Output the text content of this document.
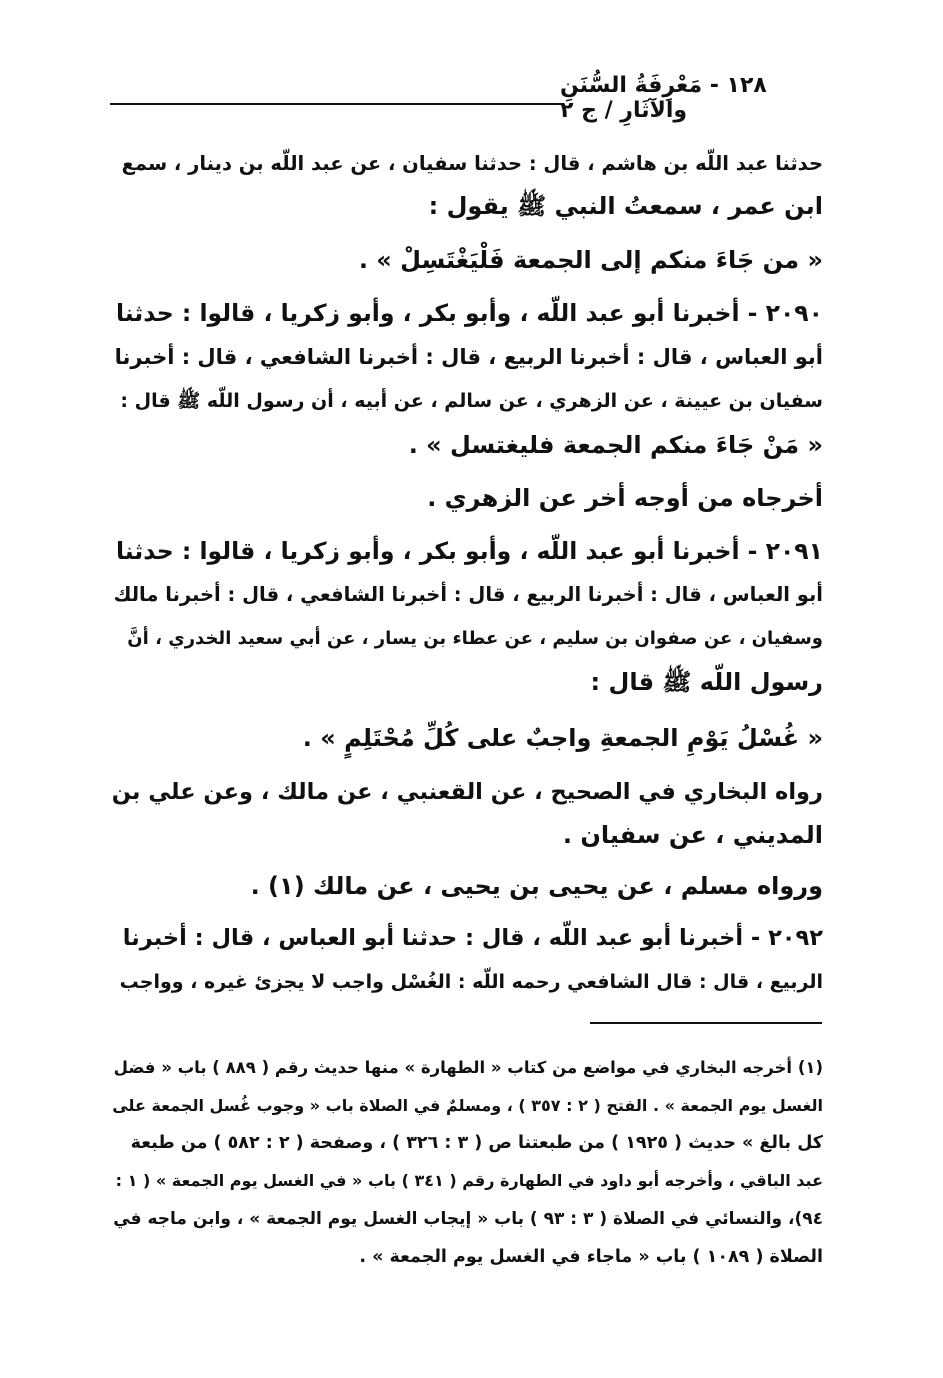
١٢٨ - مَعْرِفَةُ السُّنَنِ والآثَارِ / ج ٢
حدثنا عبد اللّه بن هاشم ، قال : حدثنا سفيان ، عن عبد اللّه بن دينار ، سمع
ابن عمر ، سمعتُ النبي ﷺ يقول :
« من جَاءَ منكم إلى الجمعة فَلْيَغْتَسِلْ » .
٢٠٩٠ - أخبرنا أبو عبد اللّه ، وأبو بكر ، وأبو زكريا ، قالوا : حدثنا
أبو العباس ، قال : أخبرنا الربيع ، قال : أخبرنا الشافعي ، قال : أخبرنا
سفيان بن عيينة ، عن الزهري ، عن سالم ، عن أبيه ، أن رسول اللّه ﷺ قال :
« مَنْ جَاءَ منكم الجمعة فليغتسل » .
أخرجاه من أوجه أخر عن الزهري .
٢٠٩١ - أخبرنا أبو عبد اللّه ، وأبو بكر ، وأبو زكريا ، قالوا : حدثنا
أبو العباس ، قال : أخبرنا الربيع ، قال : أخبرنا الشافعي ، قال : أخبرنا مالك
وسفيان ، عن صفوان بن سليم ، عن عطاء بن يسار ، عن أبي سعيد الخدري ، أنَّ
رسول اللّه ﷺ قال :
« غُسْلُ يَوْمِ الجمعةِ واجبٌ على كُلِّ مُحْتَلِمٍ » .
رواه البخاري في الصحيح ، عن القعنبي ، عن مالك ، وعن علي بن
المديني ، عن سفيان .
ورواه مسلم ، عن يحيى بن يحيى ، عن مالك (١) .
٢٠٩٢ - أخبرنا أبو عبد اللّه ، قال : حدثنا أبو العباس ، قال : أخبرنا
الربيع ، قال : قال الشافعي رحمه اللّه : الغُسْل واجب لا يجزئ غيره ، وواجب
(١) أخرجه البخاري في مواضع من كتاب « الطهارة » منها حديث رقم ( ٨٨٩ ) باب « فضل
الغسل يوم الجمعة » . الفتح ( ٢ : ٣٥٧ ) ، ومسلمٌ في الصلاة باب « وجوب غُسل الجمعة على
كل بالغ » حديث ( ١٩٢٥ ) من طبعتنا ص ( ٣ : ٣٢٦ ) ، وصفحة ( ٢ : ٥٨٢ ) من طبعة
عبد الباقي ، وأخرجه أبو داود في الطهارة رقم ( ٣٤١ ) باب « في الغسل يوم الجمعة » ( ١ :
٩٤)، والنسائي في الصلاة ( ٣ : ٩٣ ) باب « إيجاب الغسل يوم الجمعة » ، وابن ماجه في
الصلاة ( ١٠٨٩ ) باب « ماجاء في الغسل يوم الجمعة » .
